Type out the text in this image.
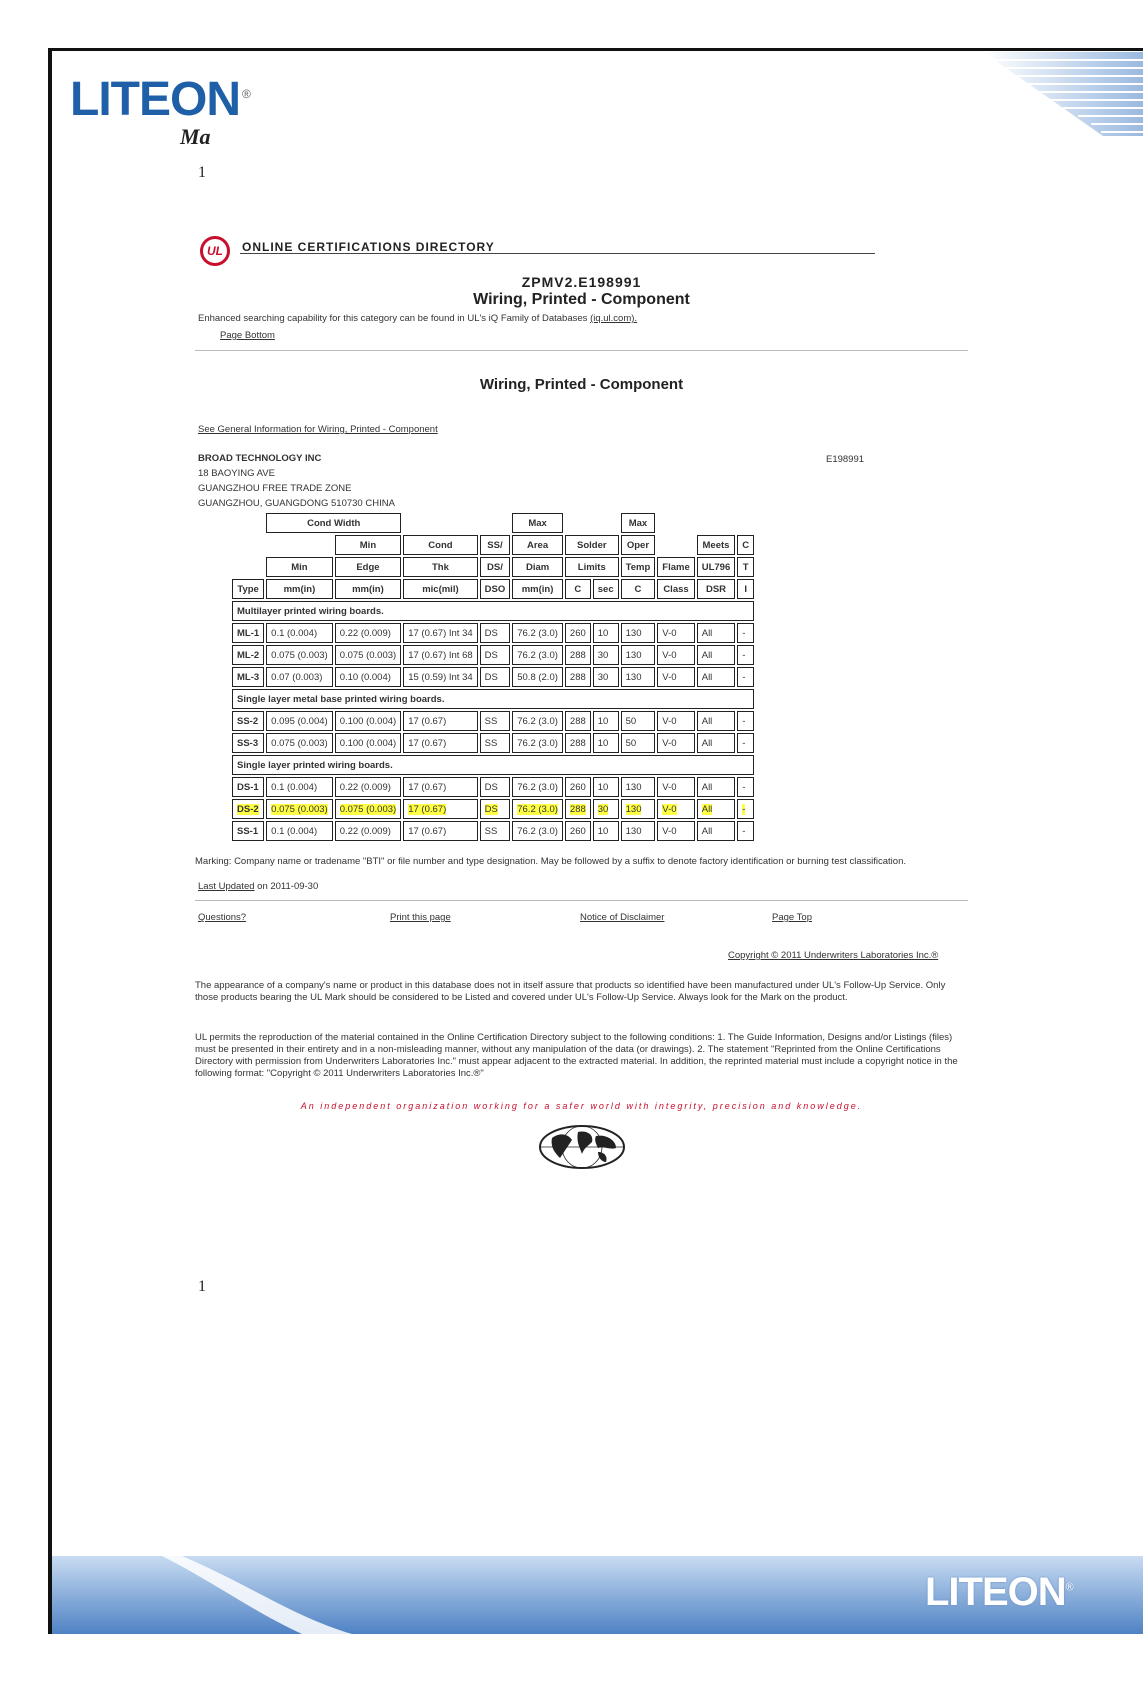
LITEON ®
LITEON®
Ma
1
UL	ONLINE CERTIFICATIONS DIRECTORY
ZPMV2.E198991
Wiring, Printed - Component
Enhanced searching capability for this category can be found in UL's iQ Family of Databases (iq.ul.com).
Page Bottom
Wiring, Printed - Component
See General Information for Wiring, Printed - Component
BROAD TECHNOLOGY INC
18 BAOYING AVE
GUANGZHOU FREE TRADE ZONE
GUANGZHOU, GUANGDONG 510730 CHINA
E198991
	Cond Width				Max			Max			
		Min	Cond	SS/	Area	Solder		Oper		Meets	C
	Min	Edge	Thk	DS/	Diam	Limits		Temp	Flame	UL796	T
Type	mm(in)	mm(in)	mic(mil)	DSO	mm(in)	C	sec	C	Class	DSR	I
Multilayer printed wiring boards.											
ML-1	0.1 (0.004)	0.22 (0.009)	17 (0.67) Int 34	DS	76.2 (3.0)	260	10	130	V-0	All	-
ML-2	0.075 (0.003)	0.075 (0.003)	17 (0.67) Int 68	DS	76.2 (3.0)	288	30	130	V-0	All	-
ML-3	0.07 (0.003)	0.10 (0.004)	15 (0.59) Int 34	DS	50.8 (2.0)	288	30	130	V-0	All	-
Single layer metal base printed wiring boards.											
SS-2	0.095 (0.004)	0.100 (0.004)	17 (0.67)	SS	76.2 (3.0)	288	10	50	V-0	All	-
SS-3	0.075 (0.003)	0.100 (0.004)	17 (0.67)	SS	76.2 (3.0)	288	10	50	V-0	All	-
Single layer printed wiring boards.											
DS-1	0.1 (0.004)	0.22 (0.009)	17 (0.67)	DS	76.2 (3.0)	260	10	130	V-0	All	-
DS-2	0.075 (0.003)	0.075 (0.003)	17 (0.67)	DS	76.2 (3.0)	288	30	130	V-0	All	-
SS-1	0.1 (0.004)	0.22 (0.009)	17 (0.67)	SS	76.2 (3.0)	260	10	130	V-0	All	-
Marking: Company name or tradename "BTI" or file number and type designation. May be followed by a suffix to denote factory identification or burning test classification.
Last Updated on 2011-09-30
Questions?	Print this page	Notice of Disclaimer	Page Top
Copyright © 2011 Underwriters Laboratories Inc.®
The appearance of a company's name or product in this database does not in itself assure that products so identified have been manufactured under UL's Follow-Up Service. Only those products bearing the UL Mark should be considered to be Listed and covered under UL's Follow-Up Service. Always look for the Mark on the product.
UL permits the reproduction of the material contained in the Online Certification Directory subject to the following conditions: 1. The Guide Information, Designs and/or Listings (files) must be presented in their entirety and in a non-misleading manner, without any manipulation of the data (or drawings). 2. The statement "Reprinted from the Online Certifications Directory with permission from Underwriters Laboratories Inc." must appear adjacent to the extracted material. In addition, the reprinted material must include a copyright notice in the following format: "Copyright © 2011 Underwriters Laboratories Inc.®"
An independent organization working for a safer world with integrity, precision and knowledge.
1
